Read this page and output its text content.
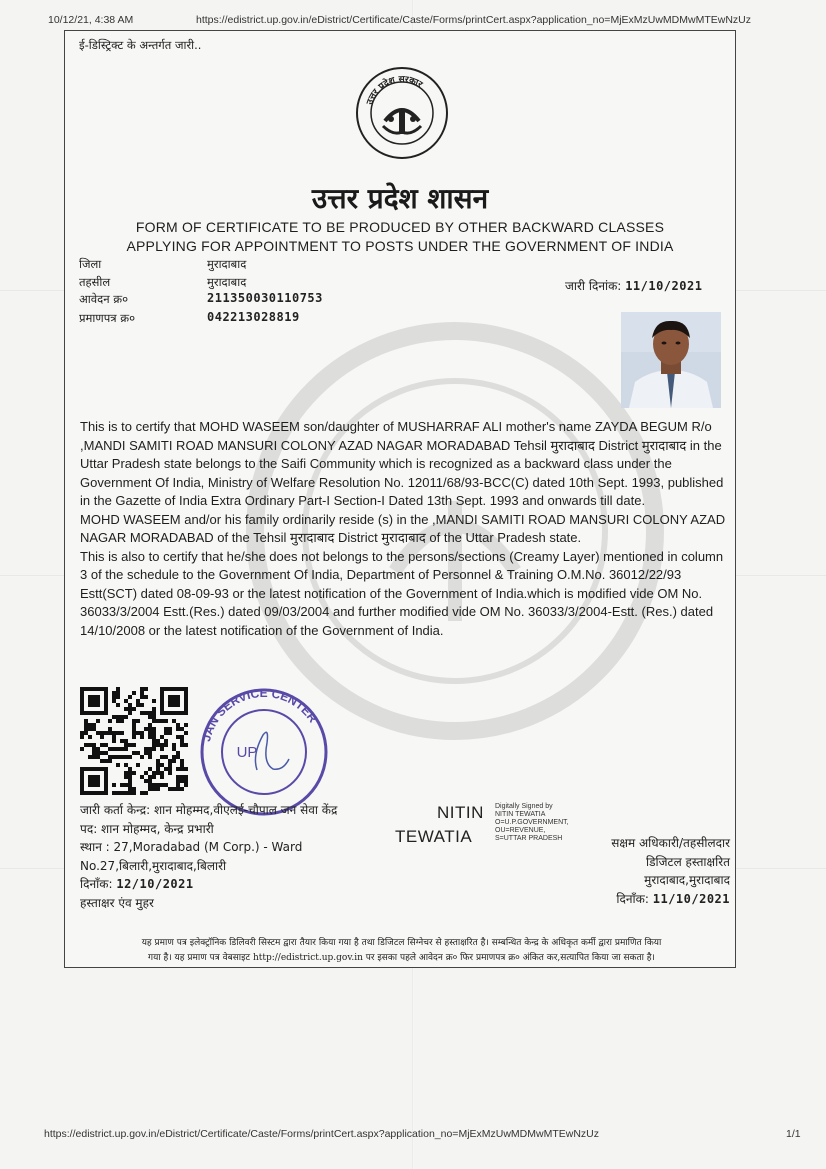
10/12/21, 4:38 AM	https://edistrict.up.gov.in/eDistrict/Certificate/Caste/Forms/printCert.aspx?application_no=MjExMzUwMDMwMTEwNzUz
https://edistrict.up.gov.in/eDistrict/Certificate/Caste/Forms/printCert.aspx?application_no=MjExMzUwMDMwMTEwNzUz	1/1
ई-डिस्ट्रिक्ट के अन्तर्गत जारी..
उत्तर प्रदेश सरकार
उत्तर प्रदेश शासन
FORM OF CERTIFICATE TO BE PRODUCED BY OTHER BACKWARD CLASSES
APPLYING FOR APPOINTMENT TO POSTS UNDER THE GOVERNMENT OF INDIA
जिला	मुरादाबाद
तहसील	मुरादाबाद
आवेदन क्र०	211350030110753
प्रमाणपत्र क्र०	042213028819
जारी दिनांक: 11/10/2021

This is to certify that MOHD WASEEM son/daughter of MUSHARRAF ALI mother's name ZAYDA BEGUM R/o ,MANDI SAMITI ROAD MANSURI COLONY AZAD NAGAR MORADABAD Tehsil मुरादाबाद District मुरादाबाद in the Uttar Pradesh state belongs to the Saifi Community which is recognized as a backward class under the Government Of India, Ministry of Welfare Resolution No. 12011/68/93-BCC(C) dated 10th Sept. 1993, published in the Gazette of India Extra Ordinary Part-I Section-I Dated 13th Sept. 1993 and onwards till date.

MOHD WASEEM and/or his family ordinarily reside (s) in the ,MANDI SAMITI ROAD MANSURI COLONY AZAD NAGAR MORADABAD of the Tehsil मुरादाबाद District मुरादाबाद of the Uttar Pradesh state.

This is also to certify that he/she does not belongs to the persons/sections (Creamy Layer) mentioned in column 3 of the schedule to the Government Of India, Department of Personnel & Training O.M.No. 36012/22/93 Estt(SCT) dated 08-09-93 or the latest notification of the Government of India.which is modified vide OM No. 36033/3/2004 Estt.(Res.) dated 09/03/2004 and further modified vide OM No. 36033/3/2004-Estt. (Res.) dated 14/10/2008 or the latest notification of the Government of India.

JAN SERVICE CENTER
UP
जारी कर्ता केन्द्र: शान मोहम्मद,वीएलई-चौपाल जन सेवा केंद्र
पद: शान मोहम्मद, केन्द्र प्रभारी
स्थान : 27,Moradabad (M Corp.) - Ward
No.27,बिलारी,मुरादाबाद,बिलारी
दिनाँक: 12/10/2021
हस्ताक्षर एंव मुहर
NITIN
TEWATIA
Digitally Signed by
NITIN TEWATIA
O=U.P.GOVERNMENT,
OU=REVENUE,
S=UTTAR PRADESH	सक्षम अधिकारी/तहसीलदार
डिजिटल हस्ताक्षरित
मुरादाबाद,मुरादाबाद
दिनाँक: 11/10/2021
यह प्रमाण पत्र इलेक्ट्रॉनिक डिलिवरी सिस्टम द्वारा तैयार किया गया है तथा डिजिटल सिग्नेचर से हस्ताक्षरित है। सम्बन्धित केन्द्र के अधिकृत कर्मी द्वारा प्रमाणित किया
गया है। यह प्रमाण पत्र वेबसाइट http://edistrict.up.gov.in पर इसका पहले आवेदन क्र० फिर प्रमाणपत्र क्र० अंकित कर,सत्यापित किया जा सकता है।
